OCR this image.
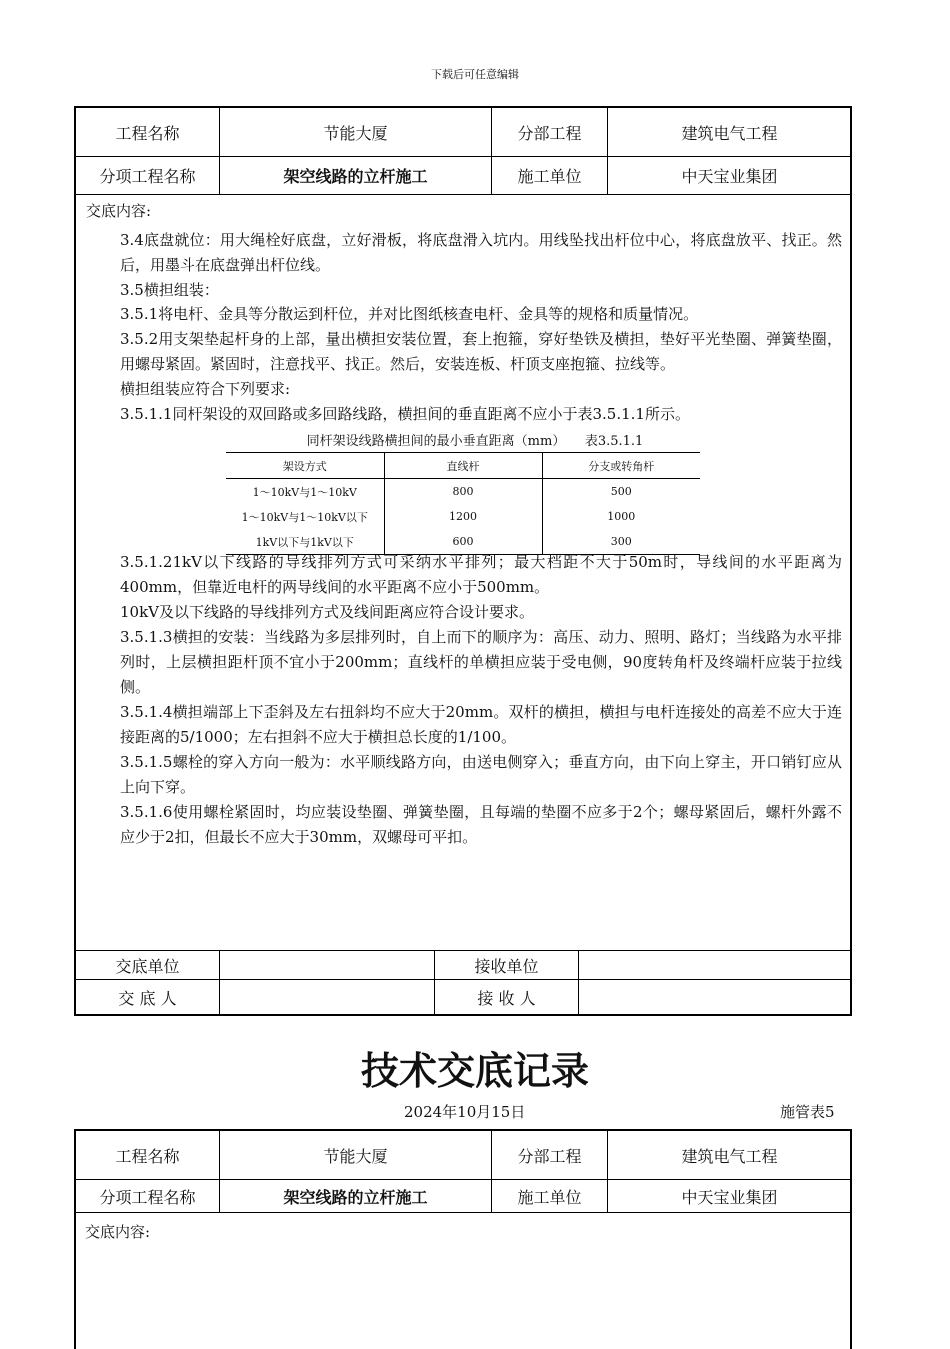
下载后可任意编辑
工程名称	节能大厦	分部工程	建筑电气工程
分项工程名称	架空线路的立杆施工	施工单位	中天宝业集团
交底内容:
3.4底盘就位：用大绳栓好底盘，立好滑板，将底盘滑入坑内。用线坠找出杆位中心，将底盘放平、找正。然后，用墨斗在底盘弹出杆位线。
3.5横担组装：
3.5.1将电杆、金具等分散运到杆位，并对比图纸核查电杆、金具等的规格和质量情况。
3.5.2用支架垫起杆身的上部，量出横担安装位置，套上抱箍，穿好垫铁及横担，垫好平光垫圈、弹簧垫圈，用螺母紧固。紧固时，注意找平、找正。然后，安装连板、杆顶支座抱箍、拉线等。
横担组装应符合下列要求:
3.5.1.1同杆架设的双回路或多回路线路，横担间的垂直距离不应小于表3.5.1.1所示。
3.5.1.21kV以下线路的导线排列方式可采纳水平排列；最大档距不大于50m时，导线间的水平距离为400mm，但靠近电杆的两导线间的水平距离不应小于500mm。
10kV及以下线路的导线排列方式及线间距离应符合设计要求。
3.5.1.3横担的安装：当线路为多层排列时，自上而下的顺序为：高压、动力、照明、路灯；当线路为水平排列时，上层横担距杆顶不宜小于200mm；直线杆的单横担应装于受电侧，90度转角杆及终端杆应装于拉线侧。
3.5.1.4横担端部上下歪斜及左右扭斜均不应大于20mm。双杆的横担，横担与电杆连接处的高差不应大于连接距离的5/1000；左右担斜不应大于横担总长度的1/100。
3.5.1.5螺栓的穿入方向一般为：水平顺线路方向，由送电侧穿入；垂直方向，由下向上穿主，开口销钉应从上向下穿。
3.5.1.6使用螺栓紧固时，均应装设垫圈、弹簧垫圈，且每端的垫圈不应多于2个；螺母紧固后，螺杆外露不应少于2扣，但最长不应大于30mm，双螺母可平扣。
同杆架设线路横担间的最小垂直距离（mm）　　表3.5.1.1
架设方式	直线杆	分支或转角杆
1～10kV与1～10kV	800	500
1～10kV与1～10kV以下	1200	1000
1kV以下与1kV以下	600	300
交底单位		接收单位	
交 底 人		接 收 人	
技术交底记录
2024年10月15日	施管表5
工程名称	节能大厦	分部工程	建筑电气工程
分项工程名称	架空线路的立杆施工	施工单位	中天宝业集团
交底内容:
